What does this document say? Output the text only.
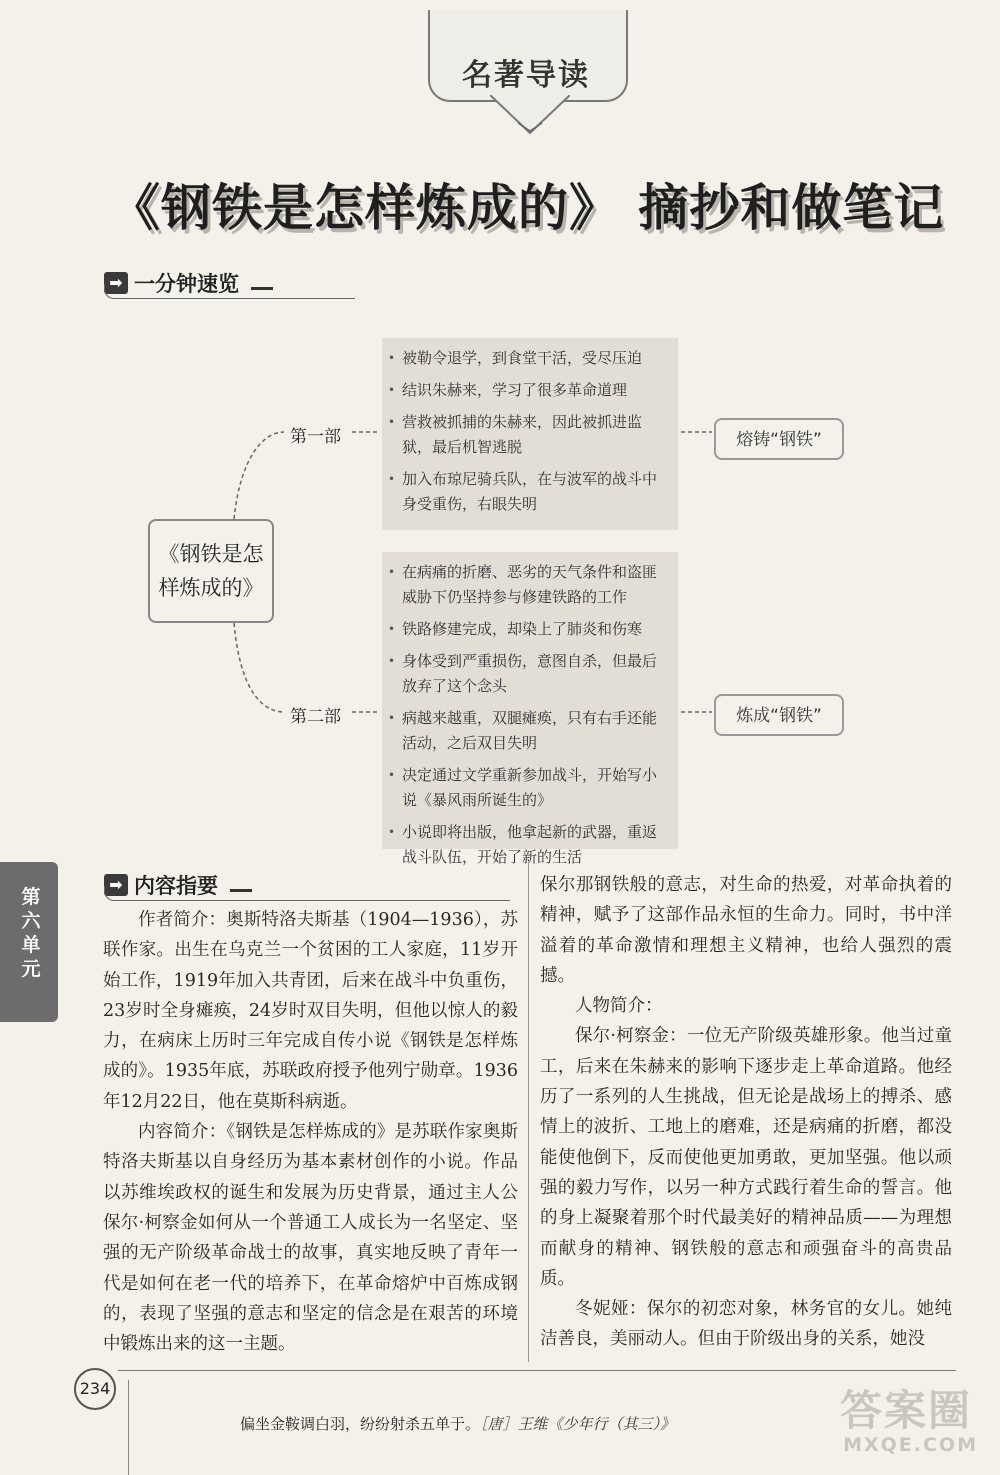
名著导读
《钢铁是怎样炼成的》 摘抄和做笔记
➡ 一分钟速览
《钢铁是怎
样炼成的》
第一部
• 被勒令退学，到食堂干活，受尽压迫
• 结识朱赫来，学习了很多革命道理
• 营救被抓捕的朱赫来，因此被抓进监狱，最后机智逃脱
• 加入布琼尼骑兵队，在与波军的战斗中身受重伤，右眼失明
熔铸“钢铁”
第二部
• 在病痛的折磨、恶劣的天气条件和盗匪威胁下仍坚持参与修建铁路的工作
• 铁路修建完成，却染上了肺炎和伤寒
• 身体受到严重损伤，意图自杀，但最后放弃了这个念头
• 病越来越重，双腿瘫痪，只有右手还能活动，之后双目失明
• 决定通过文学重新参加战斗，开始写小说《暴风雨所诞生的》
• 小说即将出版，他拿起新的武器，重返战斗队伍，开始了新的生活
炼成“钢铁”
第六单元
➡ 内容指要

作者简介：奥斯特洛夫斯基（1904—1936），苏联作家。出生在乌克兰一个贫困的工人家庭，11岁开始工作，1919年加入共青团，后来在战斗中负重伤，23岁时全身瘫痪，24岁时双目失明，但他以惊人的毅力，在病床上历时三年完成自传小说《钢铁是怎样炼成的》。1935年底，苏联政府授予他列宁勋章。1936年12月22日，他在莫斯科病逝。

内容简介：《钢铁是怎样炼成的》是苏联作家奥斯特洛夫斯基以自身经历为基本素材创作的小说。作品以苏维埃政权的诞生和发展为历史背景，通过主人公保尔·柯察金如何从一个普通工人成长为一名坚定、坚强的无产阶级革命战士的故事，真实地反映了青年一代是如何在老一代的培养下，在革命熔炉中百炼成钢的，表现了坚强的意志和坚定的信念是在艰苦的环境中锻炼出来的这一主题。

保尔那钢铁般的意志，对生命的热爱，对革命执着的精神，赋予了这部作品永恒的生命力。同时，书中洋溢着的革命激情和理想主义精神，也给人强烈的震撼。

人物简介：

保尔·柯察金：一位无产阶级英雄形象。他当过童工，后来在朱赫来的影响下逐步走上革命道路。他经历了一系列的人生挑战，但无论是战场上的搏杀、感情上的波折、工地上的磨难，还是病痛的折磨，都没能使他倒下，反而使他更加勇敢，更加坚强。他以顽强的毅力写作，以另一种方式践行着生命的誓言。他的身上凝聚着那个时代最美好的精神品质——为理想而献身的精神、钢铁般的意志和顽强奋斗的高贵品质。

冬妮娅：保尔的初恋对象，林务官的女儿。她纯洁善良，美丽动人。但由于阶级出身的关系，她没

234
偏坐金鞍调白羽，纷纷射杀五单于。［唐］王维《少年行（其三）》	答案圈
MXQE.COM
